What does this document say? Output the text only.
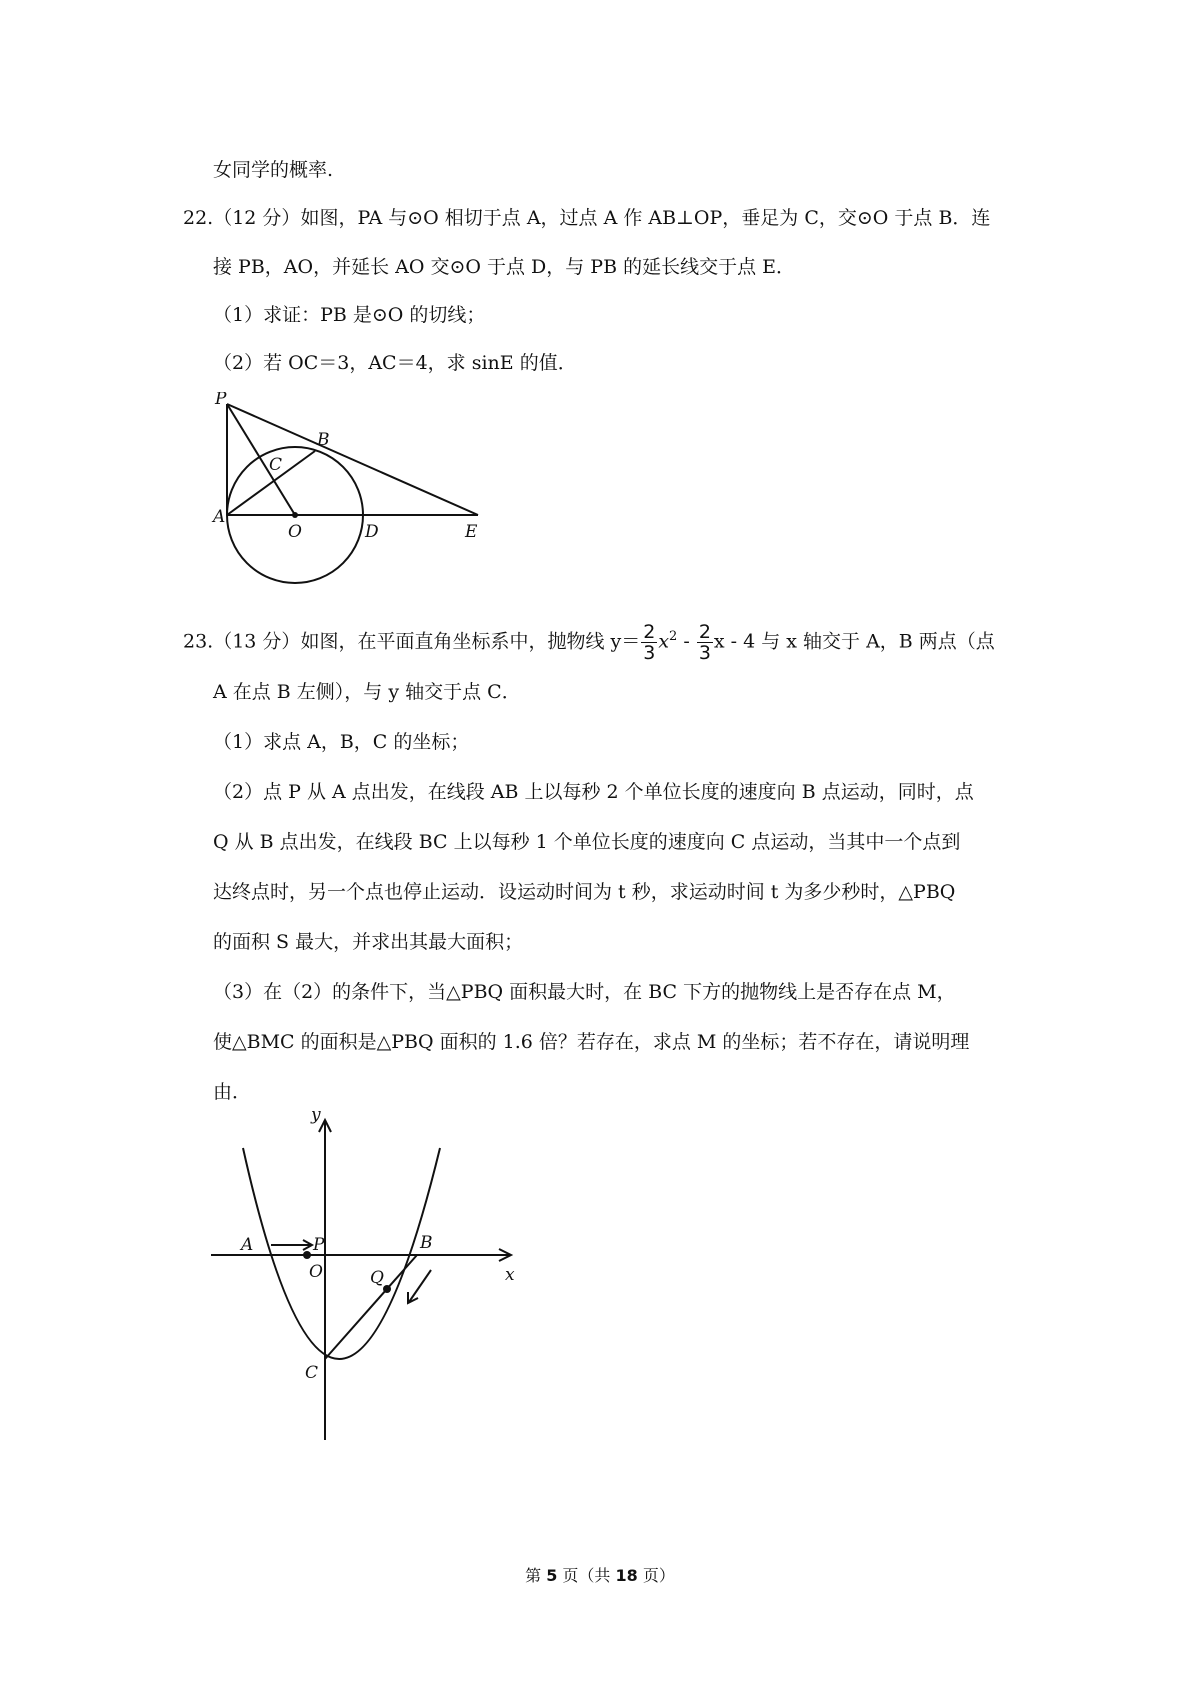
女同学的概率.
22.（12 分）如图，PA 与⊙O 相切于点 A，过点 A 作 AB⊥OP，垂足为 C，交⊙O 于点 B．连
接 PB，AO，并延长 AO 交⊙O 于点 D，与 PB 的延长线交于点 E．
（1）求证：PB 是⊙O 的切线；
（2）若 OC＝3，AC＝4，求 sinE 的值．
P
B
C
A
O	D	E
23.（13 分）如图，在平面直角坐标系中，抛物线 $y= \frac{2}{3} x^2 - \frac{2}{3}$ x - 4 与 x 轴交于 A，B 两点（点
A 在点 B 左侧），与 y 轴交于点 C．
（1）求点 A，B，C 的坐标；
（2）点 P 从 A 点出发，在线段 AB 上以每秒 2 个单位长度的速度向 B 点运动，同时，点
Q 从 B 点出发，在线段 BC 上以每秒 1 个单位长度的速度向 C 点运动，当其中一个点到
达终点时，另一个点也停止运动．设运动时间为 t 秒，求运动时间 t 为多少秒时，△PBQ
的面积 S 最大，并求出其最大面积；
（3）在（2）的条件下，当△PBQ 面积最大时，在 BC 下方的抛物线上是否存在点 M，
使△BMC 的面积是△PBQ 面积的 1.6 倍？若存在，求点 M 的坐标；若不存在，请说明理
由．
y
x
A	P
O
B
Q
C
第 5 页（共 18 页）
